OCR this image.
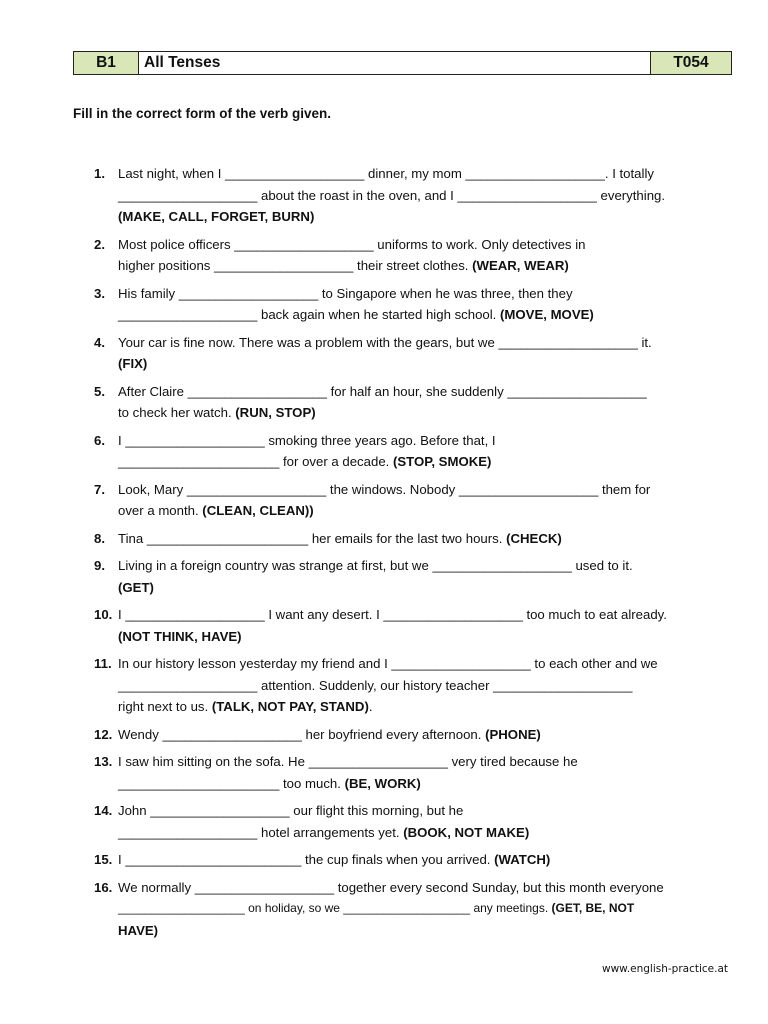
B1	All Tenses	T054
Fill in the correct form of the verb given.
1. Last night, when I ___________________ dinner, my mom ___________________. I totally
___________________ about the roast in the oven, and I ___________________ everything.
(MAKE, CALL, FORGET, BURN)
2. Most police officers ___________________ uniforms to work. Only detectives in
higher positions ___________________ their street clothes. (WEAR, WEAR)
3. His family ___________________ to Singapore when he was three, then they
___________________ back again when he started high school. (MOVE, MOVE)
4. Your car is fine now. There was a problem with the gears, but we ___________________ it.
(FIX)
5. After Claire ___________________ for half an hour, she suddenly ___________________
to check her watch. (RUN, STOP)
6. I ___________________ smoking three years ago. Before that, I
______________________ for over a decade. (STOP, SMOKE)
7. Look, Mary ___________________ the windows. Nobody ___________________ them for
over a month. (CLEAN, CLEAN))
8. Tina ______________________ her emails for the last two hours. (CHECK)
9. Living in a foreign country was strange at first, but we ___________________ used to it.
(GET)
10. I ___________________ I want any desert. I ___________________ too much to eat already.
(NOT THINK, HAVE)
11. In our history lesson yesterday my friend and I ___________________ to each other and we
___________________ attention. Suddenly, our history teacher ___________________
right next to us. (TALK, NOT PAY, STAND).
12. Wendy ___________________ her boyfriend every afternoon. (PHONE)
13. I saw him sitting on the sofa. He ___________________ very tired because he
______________________ too much. (BE, WORK)
14. John ___________________ our flight this morning, but he
___________________ hotel arrangements yet. (BOOK, NOT MAKE)
15. I ________________________ the cup finals when you arrived. (WATCH)
16. We normally ___________________ together every second Sunday, but this month everyone
___________________ on holiday, so we ___________________ any meetings. (GET, BE, NOT
HAVE)
www.english-practice.at
